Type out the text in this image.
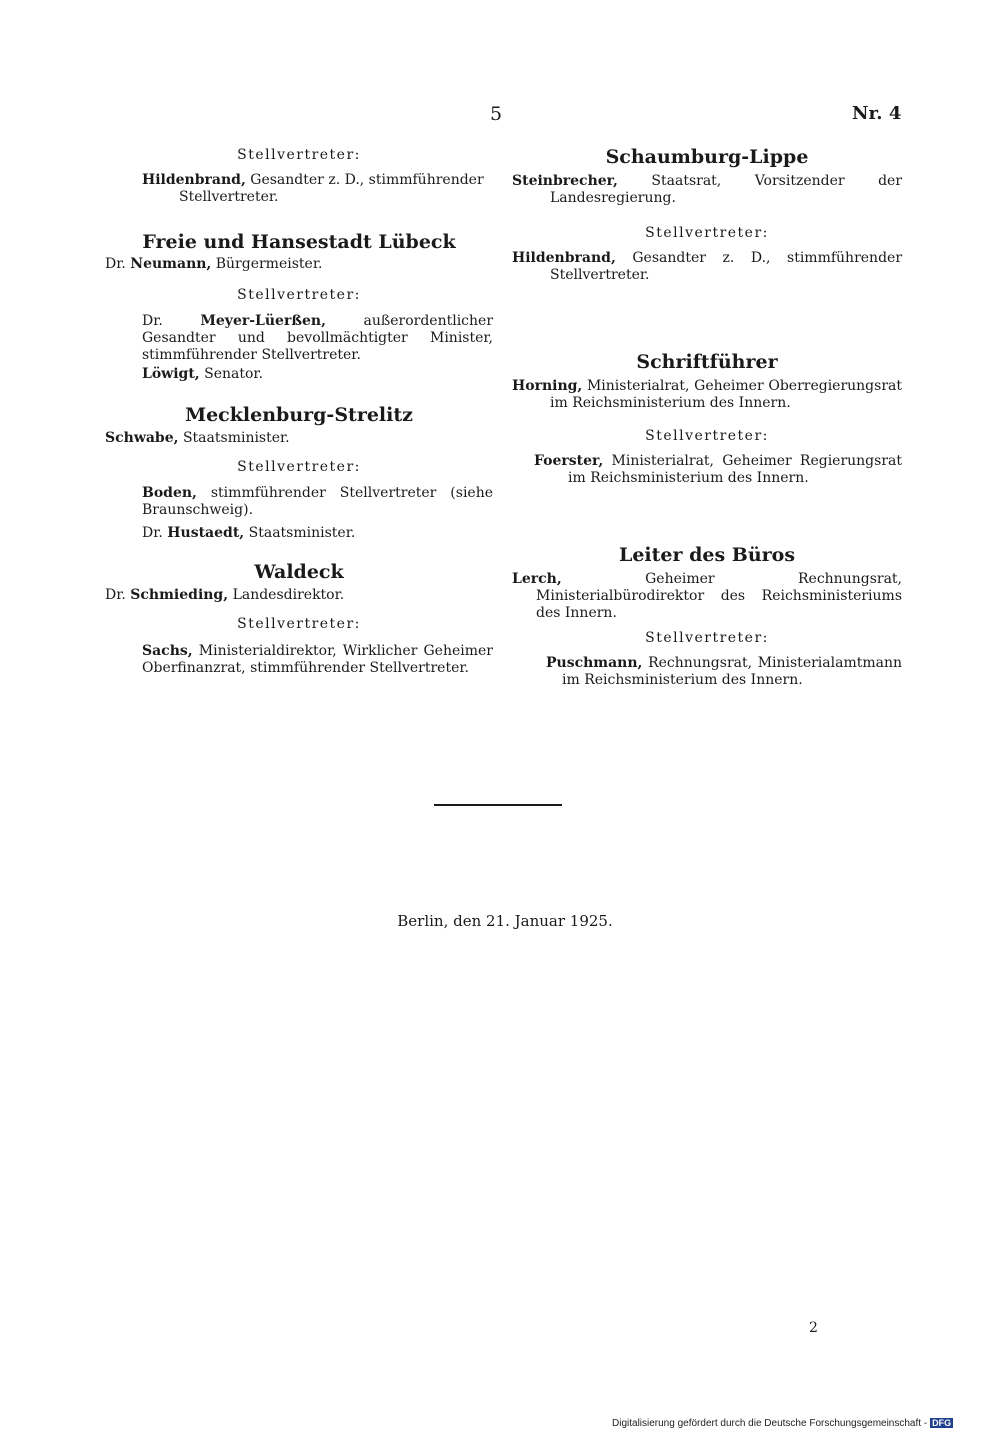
5	Nr. 4

Stellvertreter:

Hildenbrand, Gesandter z. D., stimmführender
Stellvertreter.

Freie und Hansestadt Lübeck

Dr. Neumann, Bürgermeister.

Stellvertreter:

Dr.	Meyer-Lüerßen,	außerordentlicher Gesandter und bevollmächtigter Minister, stimmführender Stellvertreter.

Löwigt, Senator.

Mecklenburg-Strelitz

Schwabe, Staatsminister.

Stellvertreter:

Boden, stimmführender Stellvertreter (siehe Braunschweig).

Dr. Hustaedt, Staatsminister.

Waldeck

Dr. Schmieding, Landesdirektor.

Stellvertreter:

Sachs, Ministerialdirektor, Wirklicher Geheimer Oberfinanzrat, stimmführender Stellvertreter.

Schaumburg-Lippe

Steinbrecher, Staatsrat, Vorsitzender der Landesregierung.

Stellvertreter:

Hildenbrand, Gesandter z. D., stimmführender Stellvertreter.

Schriftführer

Horning, Ministerialrat, Geheimer Oberregierungsrat im Reichsministerium des Innern.

Stellvertreter:

Foerster, Ministerialrat, Geheimer Regierungsrat im Reichsministerium des Innern.

Leiter des Büros

Lerch,	Geheimer Rechnungsrat, Ministerialbürodirektor des Reichsministeriums des Innern.

Stellvertreter:

Puschmann, Rechnungsrat, Ministerialamtmann im Reichsministerium des Innern.

Berlin, den 21. Januar 1925.
2
Digitalisierung gefördert durch die Deutsche Forschungsgemeinschaft - DFG
